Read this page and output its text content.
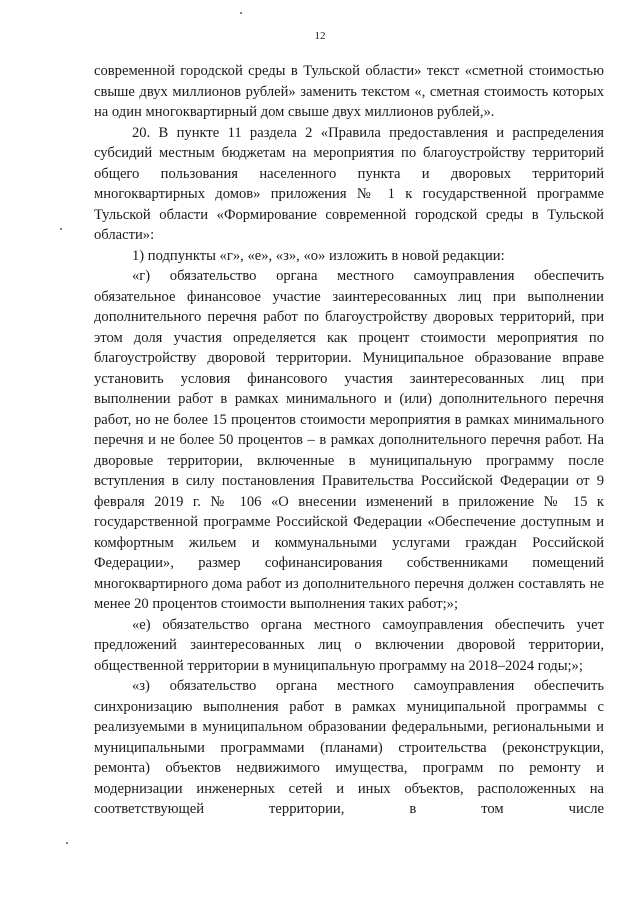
12

современной городской среды в Тульской области» текст «сметной стоимостью свыше двух миллионов рублей» заменить текстом «, сметная стоимость которых на один многоквартирный дом свыше двух миллионов рублей,».

20. В пункте 11 раздела 2 «Правила предоставления и распределения субсидий местным бюджетам на мероприятия по благоустройству территорий общего пользования населенного пункта и дворовых территорий многоквартирных домов» приложения № 1 к государственной программе Тульской области «Формирование современной городской среды в Тульской области»:

1) подпункты «г», «е», «з», «о» изложить в новой редакции:

«г) обязательство органа местного самоуправления обеспечить обязательное финансовое участие заинтересованных лиц при выполнении дополнительного перечня работ по благоустройству дворовых территорий, при этом доля участия определяется как процент стоимости мероприятия по благоустройству дворовой территории. Муниципальное образование вправе установить условия финансового участия заинтересованных лиц при выполнении работ в рамках минимального и (или) дополнительного перечня работ, но не более 15 процентов стоимости мероприятия в рамках минимального перечня и не более 50 процентов – в рамках дополнительного перечня работ. На дворовые территории, включенные в муниципальную программу после вступления в силу постановления Правительства Российской Федерации от 9 февраля 2019 г. № 106 «О внесении изменений в приложение № 15 к государственной программе Российской Федерации «Обеспечение доступным и комфортным жильем и коммунальными услугами граждан Российской Федерации», размер софинансирования собственниками помещений многоквартирного дома работ из дополнительного перечня должен составлять не менее 20 процентов стоимости выполнения таких работ;»;

«е) обязательство органа местного самоуправления обеспечить учет предложений заинтересованных лиц о включении дворовой территории, общественной территории в муниципальную программу на 2018–2024 годы;»;

«з) обязательство органа местного самоуправления обеспечить синхронизацию выполнения работ в рамках муниципальной программы с реализуемыми в муниципальном образовании федеральными, региональными и муниципальными программами (планами) строительства (реконструкции, ремонта) объектов недвижимого имущества, программ по ремонту и модернизации инженерных сетей и иных объектов, расположенных на соответствующей территории, в том числе
